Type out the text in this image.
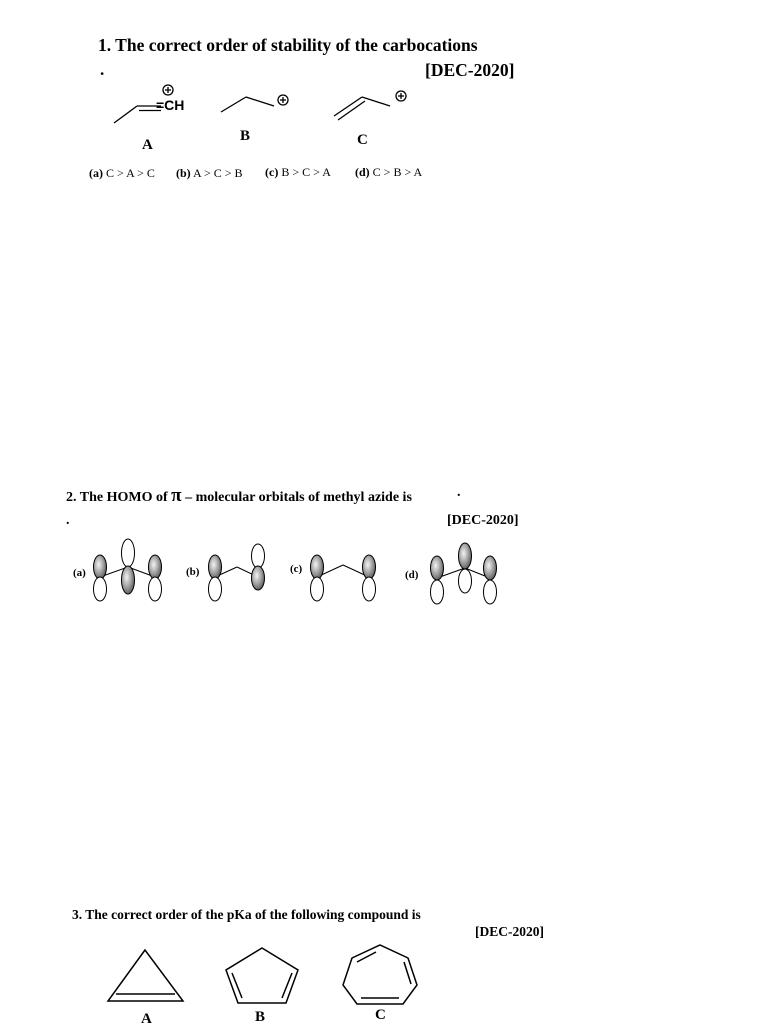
1. The correct order of stability of the carbocations
.	[DEC-2020]
=CH
A
B	C
(a) C > A > C (b) A > C > B (c) B > C > A (d) C > B > A
2. The HOMO of π – molecular orbitals of methyl azide is	.
.	[DEC-2020]
(a)	(b)	(c)	(d)
3. The correct order of the pKa of the following compound is
[DEC-2020]
A	B	C
